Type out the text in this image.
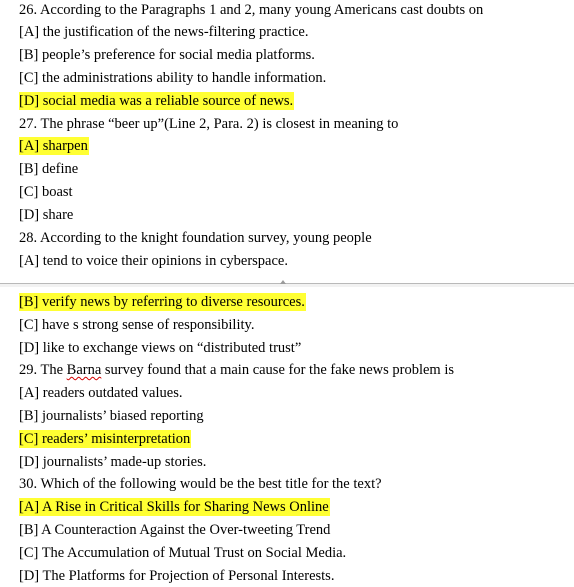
26. According to the Paragraphs 1 and 2, many young Americans cast doubts on
[A] the justification of the news-filtering practice.
[B] people’s preference for social media platforms.
[C] the administrations ability to handle information.
[D] social media was a reliable source of news.
27. The phrase “beer up”(Line 2, Para. 2) is closest in meaning to
[A] sharpen
[B] define
[C] boast
[D] share
28. According to the knight foundation survey, young people
[A] tend to voice their opinions in cyberspace.
[B] verify news by referring to diverse resources.
[C] have s strong sense of responsibility.
[D] like to exchange views on “distributed trust”
29. The Barna survey found that a main cause for the fake news problem is
[A] readers outdated values.
[B] journalists’ biased reporting
[C] readers’ misinterpretation
[D] journalists’ made-up stories.
30. Which of the following would be the best title for the text?
[A] A Rise in Critical Skills for Sharing News Online
[B] A Counteraction Against the Over-tweeting Trend
[C] The Accumulation of Mutual Trust on Social Media.
[D] The Platforms for Projection of Personal Interests.
